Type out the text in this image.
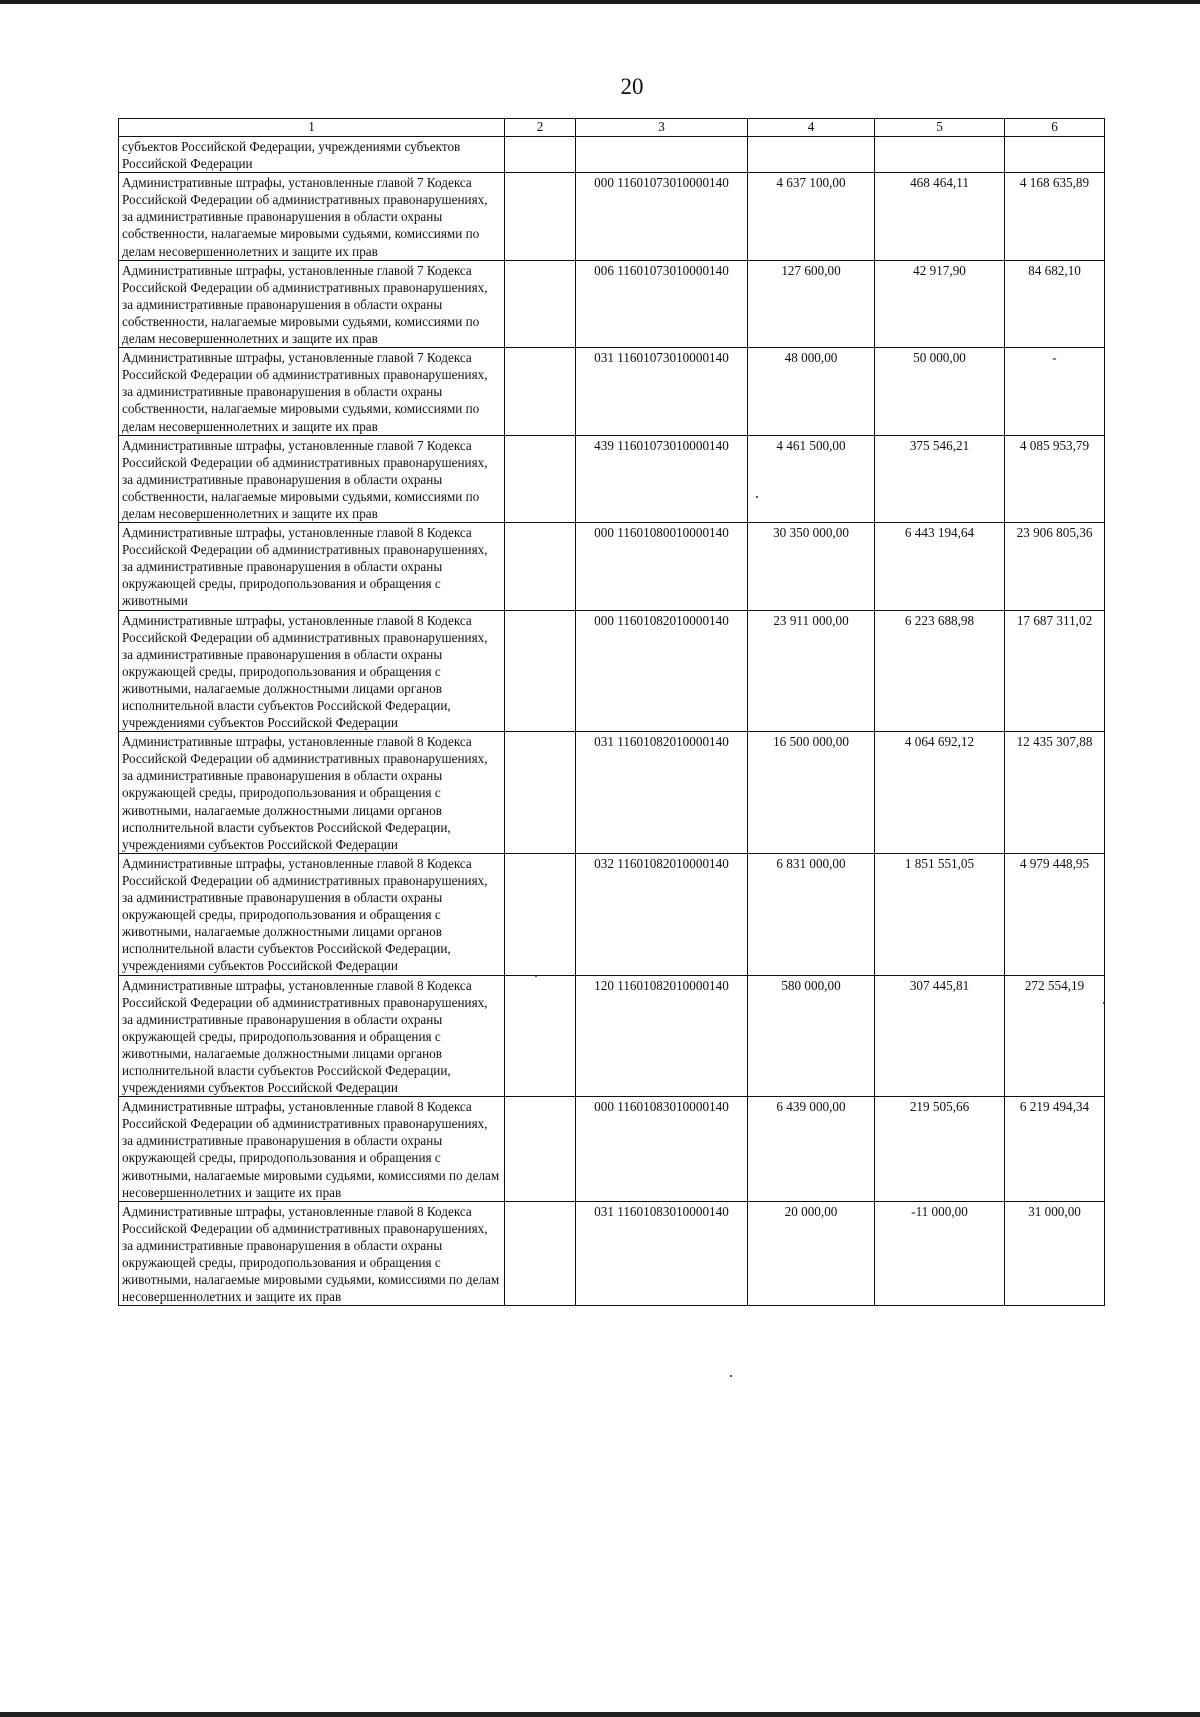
20
1	2	3	4	5	6
субъектов Российской Федерации, учреждениями субъектов Российской Федерации					
Административные штрафы, установленные главой 7 Кодекса Российской Федерации об административных правонарушениях, за административные правонарушения в области охраны собственности, налагаемые мировыми судьями, комиссиями по делам несовершеннолетних и защите их прав		000 11601073010000140	4 637 100,00	468 464,11	4 168 635,89
Административные штрафы, установленные главой 7 Кодекса Российской Федерации об административных правонарушениях, за административные правонарушения в области охраны собственности, налагаемые мировыми судьями, комиссиями по делам несовершеннолетних и защите их прав		006 11601073010000140	127 600,00	42 917,90	84 682,10
Административные штрафы, установленные главой 7 Кодекса Российской Федерации об административных правонарушениях, за административные правонарушения в области охраны собственности, налагаемые мировыми судьями, комиссиями по делам несовершеннолетних и защите их прав		031 11601073010000140	48 000,00	50 000,00	-
Административные штрафы, установленные главой 7 Кодекса Российской Федерации об административных правонарушениях, за административные правонарушения в области охраны собственности, налагаемые мировыми судьями, комиссиями по делам несовершеннолетних и защите их прав		439 11601073010000140	4 461 500,00	375 546,21	4 085 953,79
Административные штрафы, установленные главой 8 Кодекса Российской Федерации об административных правонарушениях, за административные правонарушения в области охраны окружающей среды, природопользования и обращения с животными		000 11601080010000140	30 350 000,00	6 443 194,64	23 906 805,36
Административные штрафы, установленные главой 8 Кодекса Российской Федерации об административных правонарушениях, за административные правонарушения в области охраны окружающей среды, природопользования и обращения с животными, налагаемые должностными лицами органов исполнительной власти субъектов Российской Федерации, учреждениями субъектов Российской Федерации		000 11601082010000140	23 911 000,00	6 223 688,98	17 687 311,02
Административные штрафы, установленные главой 8 Кодекса Российской Федерации об административных правонарушениях, за административные правонарушения в области охраны окружающей среды, природопользования и обращения с животными, налагаемые должностными лицами органов исполнительной власти субъектов Российской Федерации, учреждениями субъектов Российской Федерации		031 11601082010000140	16 500 000,00	4 064 692,12	12 435 307,88
Административные штрафы, установленные главой 8 Кодекса Российской Федерации об административных правонарушениях, за административные правонарушения в области охраны окружающей среды, природопользования и обращения с животными, налагаемые должностными лицами органов исполнительной власти субъектов Российской Федерации, учреждениями субъектов Российской Федерации		032 11601082010000140	6 831 000,00	1 851 551,05	4 979 448,95
Административные штрафы, установленные главой 8 Кодекса Российской Федерации об административных правонарушениях, за административные правонарушения в области охраны окружающей среды, природопользования и обращения с животными, налагаемые должностными лицами органов исполнительной власти субъектов Российской Федерации, учреждениями субъектов Российской Федерации		120 11601082010000140	580 000,00	307 445,81	272 554,19
Административные штрафы, установленные главой 8 Кодекса Российской Федерации об административных правонарушениях, за административные правонарушения в области охраны окружающей среды, природопользования и обращения с животными, налагаемые мировыми судьями, комиссиями по делам несовершеннолетних и защите их прав		000 11601083010000140	6 439 000,00	219 505,66	6 219 494,34
Административные штрафы, установленные главой 8 Кодекса Российской Федерации об административных правонарушениях, за административные правонарушения в области охраны окружающей среды, природопользования и обращения с животными, налагаемые мировыми судьями, комиссиями по делам несовершеннолетних и защите их прав		031 11601083010000140	20 000,00	-11 000,00	31 000,00
